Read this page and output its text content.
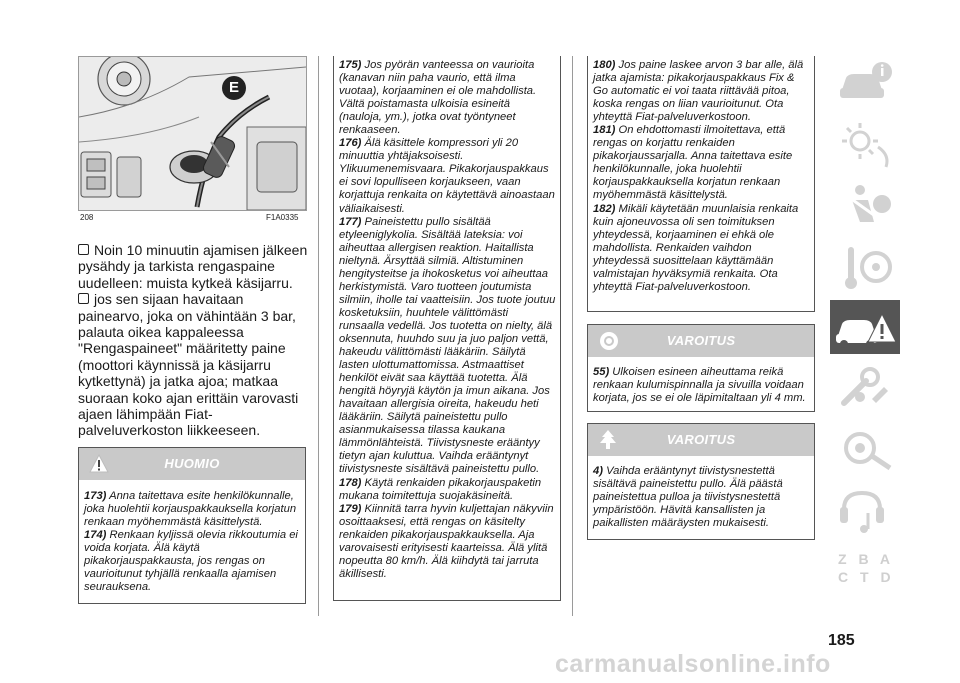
E
208	F1A0335

Noin 10 minuutin ajamisen jälkeen pysähdy ja tarkista rengaspaine uudelleen: muista kytkeä käsijarru.

jos sen sijaan havaitaan painearvo, joka on vähintään 3 bar, palauta oikea kappaleessa "Rengaspaineet" määritetty paine (moottori käynnissä ja käsijarru kytkettynä) ja jatka ajoa; matkaa suoraan koko ajan erittäin varovasti ajaen lähimpään Fiat-palveluverkoston liikkeeseen.

HUOMIO

173) Anna taitettava esite henkilökunnalle, joka huolehtii korjauspakkauksella korjatun renkaan myöhemmästä käsittelystä.

174) Renkaan kyljissä olevia rikkoutumia ei voida korjata. Älä käytä pikakorjauspakkausta, jos rengas on vaurioitunut tyhjällä renkaalla ajamisen seurauksena.

175) Jos pyörän vanteessa on vaurioita (kanavan niin paha vaurio, että ilma vuotaa), korjaaminen ei ole mahdollista. Vältä poistamasta ulkoisia esineitä (nauloja, ym.), jotka ovat työntyneet renkaaseen.

176) Älä käsittele kompressori yli 20 minuuttia yhtäjaksoisesti. Ylikuumenemisvaara. Pikakorjauspakkaus ei sovi lopulliseen korjaukseen, vaan korjattuja renkaita on käytettävä ainoastaan väliaikaisesti.

177) Paineistettu pullo sisältää etyleeniglykolia. Sisältää lateksia: voi aiheuttaa allergisen reaktion. Haitallista nieltynä. Ärsyttää silmiä. Altistuminen hengitysteitse ja ihokosketus voi aiheuttaa herkistymistä. Varo tuotteen joutumista silmiin, iholle tai vaatteisiin. Jos tuote joutuu kosketuksiin, huuhtele välittömästi runsaalla vedellä. Jos tuotetta on nielty, älä oksennuta, huuhdo suu ja juo paljon vettä, hakeudu välittömästi lääkäriin. Säilytä lasten ulottumattomissa. Astmaattiset henkilöt eivät saa käyttää tuotetta. Älä hengitä höyryjä käytön ja imun aikana. Jos havaitaan allergisia oireita, hakeudu heti lääkäriin. Säilytä paineistettu pullo asianmukaisessa tilassa kaukana lämmönlähteistä. Tiivistysneste erääntyy tietyn ajan kuluttua. Vaihda erääntynyt tiivistysneste sisältävä paineistettu pullo.

178) Käytä renkaiden pikakorjauspaketin mukana toimitettuja suojakäsineitä.

179) Kiinnitä tarra hyvin kuljettajan näkyviin osoittaaksesi, että rengas on käsitelty renkaiden pikakorjauspakkauksella. Aja varovaisesti erityisesti kaarteissa. Älä ylitä nopeutta 80 km/h. Älä kiihdytä tai jarruta äkillisesti.

180) Jos paine laskee arvon 3 bar alle, älä jatka ajamista: pikakorjauspakkaus Fix & Go automatic ei voi taata riittävää pitoa, koska rengas on liian vaurioitunut. Ota yhteyttä Fiat-palveluverkostoon.

181) On ehdottomasti ilmoitettava, että rengas on korjattu renkaiden pikakorjaussarjalla. Anna taitettava esite henkilökunnalle, joka huolehtii korjauspakkauksella korjatun renkaan myöhemmästä käsittelystä.

182) Mikäli käytetään muunlaisia renkaita kuin ajoneuvossa oli sen toimituksen yhteydessä, korjaaminen ei ehkä ole mahdollista. Renkaiden vaihdon yhteydessä suosittelaan käyttämään valmistajan hyväksymiä renkaita. Ota yhteyttä Fiat-palveluverkostoon.

VAROITUS

55) Ulkoisen esineen aiheuttama reikä renkaan kulumispinnalla ja sivuilla voidaan korjata, jos se ei ole läpimitaltaan yli 4 mm.

VAROITUS

4) Vaihda erääntynyt tiivistysnestettä sisältävä paineistettu pullo. Älä päästä paineistettua pulloa ja tiivistysnestettä ympäristöön. Hävitä kansallisten ja paikallisten määräysten mukaisesti.

Z B A C T D
185
carmanualsonline.info
